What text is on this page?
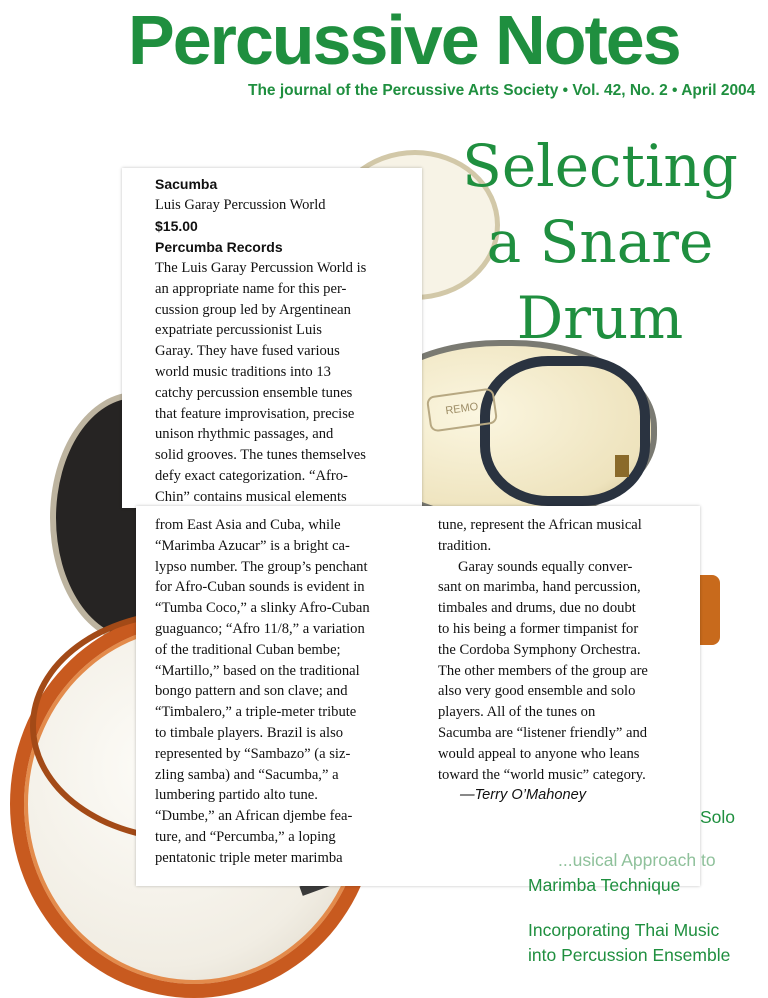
Percussive Notes
The journal of the Percussive Arts Society • Vol. 42, No. 2 • April 2004
REMO
Selecting
a Snare
Drum
Sacumba
Luis Garay Percussion World
$15.00
Percumba Records
The Luis Garay Percussion World is
an appropriate name for this per-
cussion group led by Argentinean
expatriate percussionist Luis
Garay. They have fused various
world music traditions into 13
catchy percussion ensemble tunes
that feature improvisation, precise
unison rhythmic passages, and
solid grooves. The tunes themselves
defy exact categorization. “Afro-
Chin” contains musical elements
from East Asia and Cuba, while
“Marimba Azucar” is a bright ca-
lypso number. The group’s penchant
for Afro-Cuban sounds is evident in
“Tumba Coco,” a slinky Afro-Cuban
guaguanco; “Afro 11/8,” a variation
of the traditional Cuban bembe;
“Martillo,” based on the traditional
bongo pattern and son clave; and
“Timbalero,” a triple-meter tribute
to timbale players. Brazil is also
represented by “Sambazo” (a siz-
zling samba) and “Sacumba,” a
lumbering partido alto tune.
“Dumbe,” an African djembe fea-
ture, and “Percumba,” a loping
pentatonic triple meter marimba
tune, represent the African musical
tradition.
Garay sounds equally conver-
sant on marimba, hand percussion,
timbales and drums, due no doubt
to his being a former timpanist for
the Cordoba Symphony Orchestra.
The other members of the group are
also very good ensemble and solo
players. All of the tunes on
Sacumba are “listener friendly” and
would appeal to anyone who leans
toward the “world music” category.
—Terry O’Mahoney
Solo
...usical Approach to
Marimba Technique
Incorporating Thai Music
into Percussion Ensemble
